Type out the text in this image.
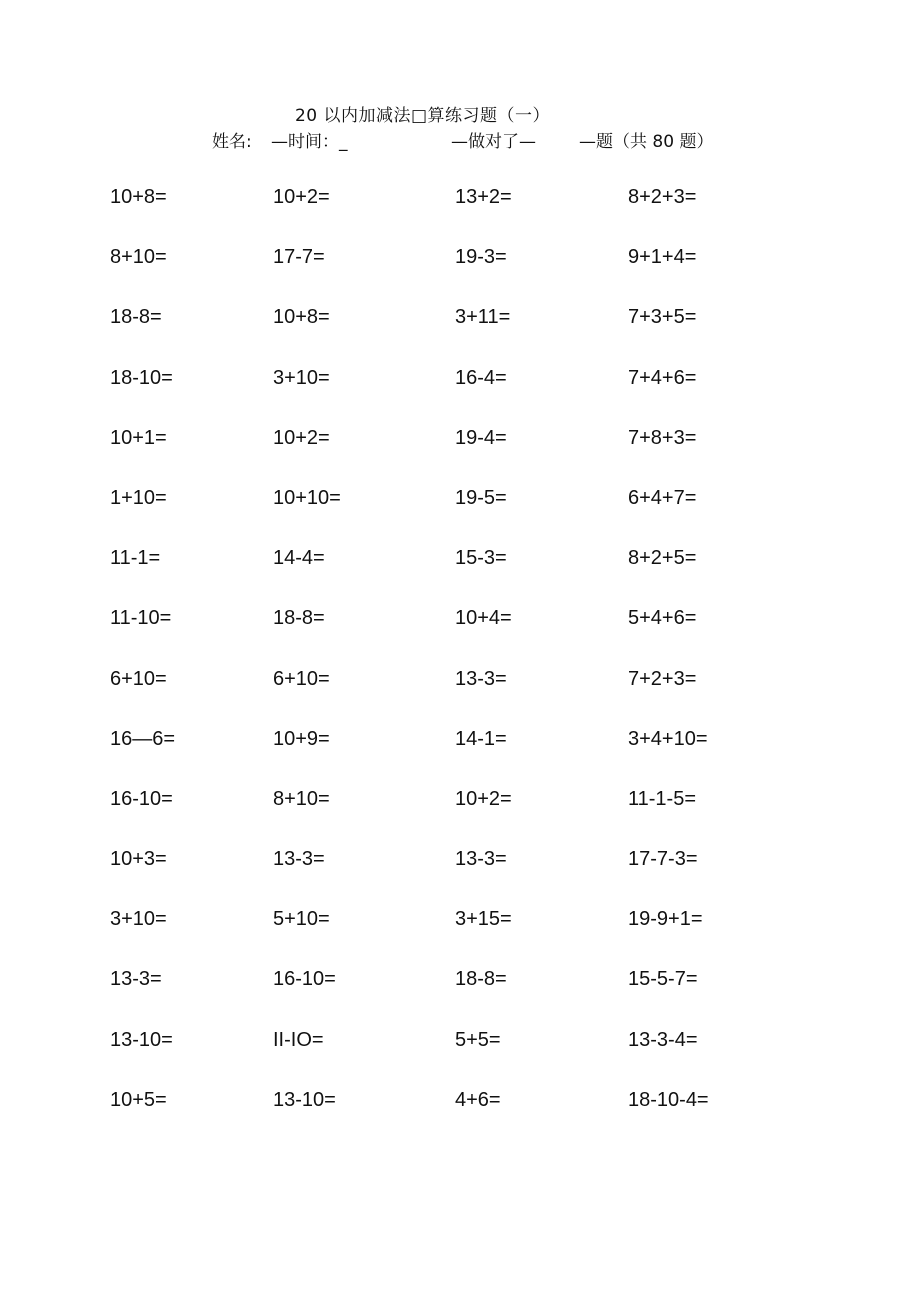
20 以内加减法□算练习题（一）
姓名: —时间：_	—做对了—	—题（共 80 题）
10+8=	10+2=	13+2=	8+2+3=
8+10=	17-7=	19-3=	9+1+4=
18-8=	10+8=	3+11=	7+3+5=
18-10=	3+10=	16-4=	7+4+6=
10+1=	10+2=	19-4=	7+8+3=
1+10=	10+10=	19-5=	6+4+7=
11-1=	14-4=	15-3=	8+2+5=
11-10=	18-8=	10+4=	5+4+6=
6+10=	6+10=	13-3=	7+2+3=
16—6=	10+9=	14-1=	3+4+10=
16-10=	8+10=	10+2=	11-1-5=
10+3=	13-3=	13-3=	17-7-3=
3+10=	5+10=	3+15=	19-9+1=
13-3=	16-10=	18-8=	15-5-7=
13-10=	II-IO=	5+5=	13-3-4=
10+5=	13-10=	4+6=	18-10-4=
